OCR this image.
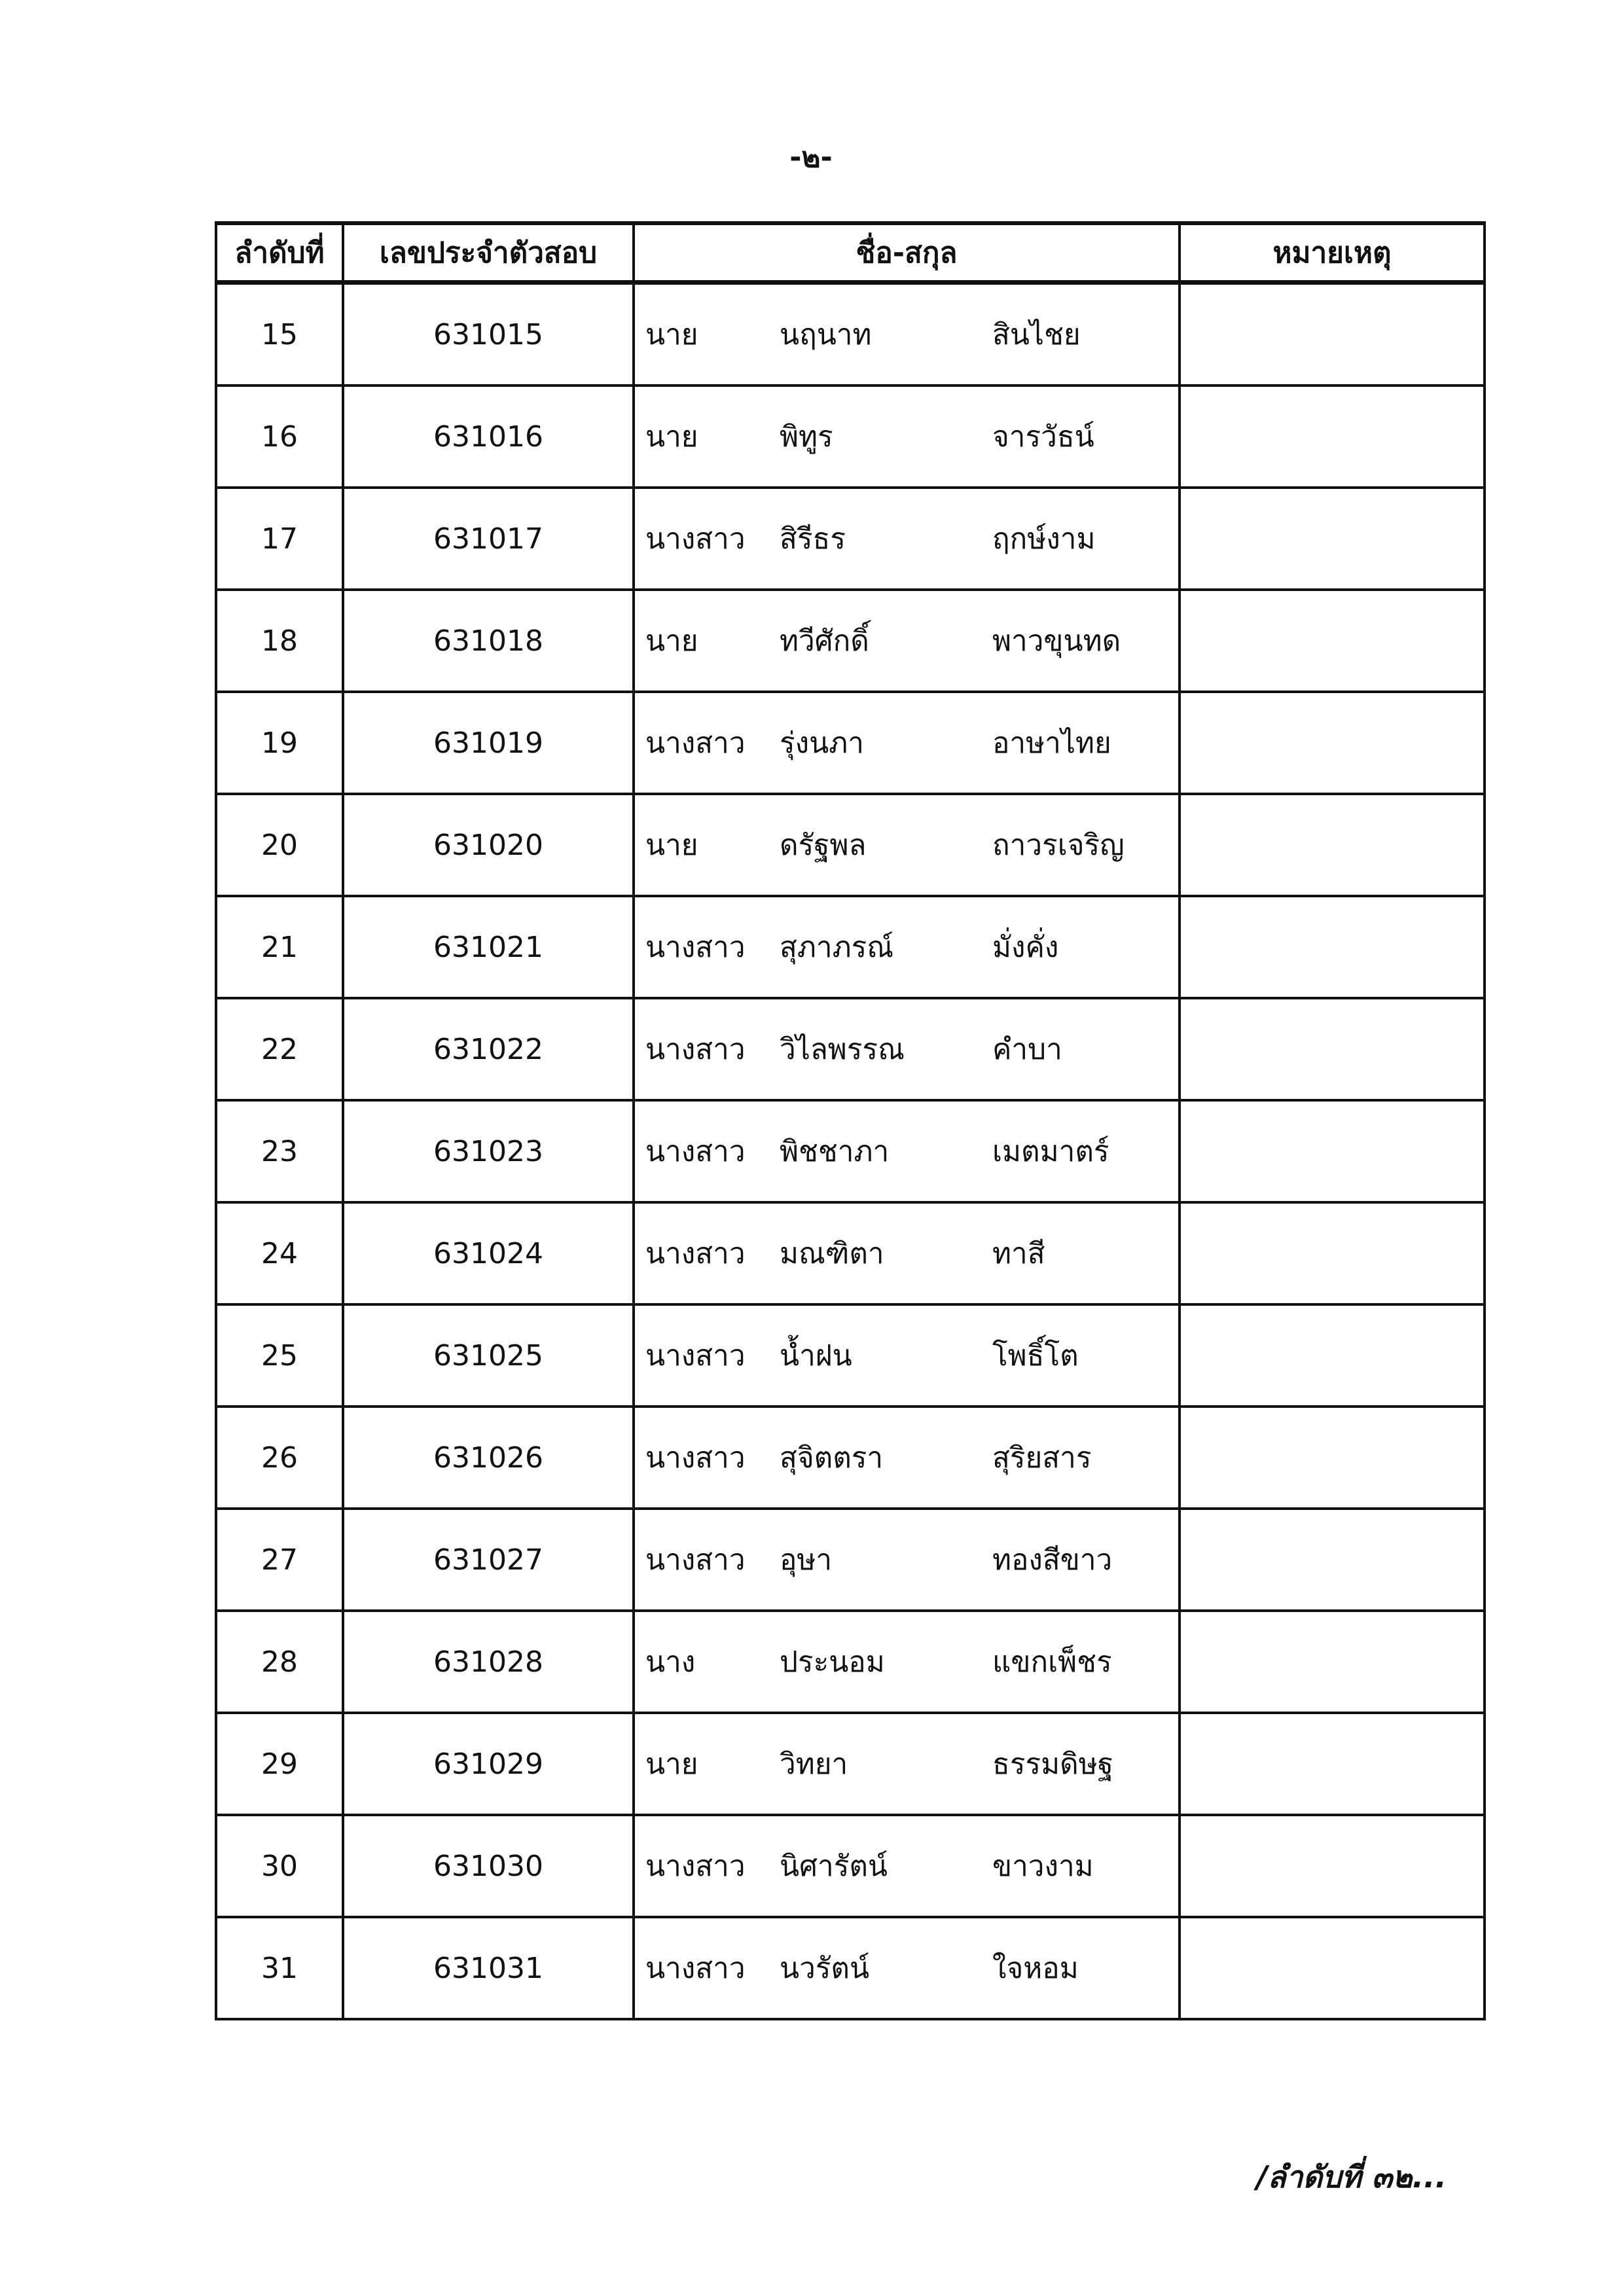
-๒-
ลำดับที่	เลขประจำตัวสอบ	ชื่อ-สกุล	หมายเหตุ
15	631015	นาย นฤนาท สินไชย	

16	631016	นาย พิทูร จารวัธน์	

17	631017	นางสาว สิรีธร ฤกษ์งาม	

18	631018	นาย ทวีศักดิ์ พาวขุนทด	

19	631019	นางสาว รุ่งนภา อาษาไทย	

20	631020	นาย ดรัฐพล ถาวรเจริญ	

21	631021	นางสาว สุภาภรณ์ มั่งคั่ง	

22	631022	นางสาว วิไลพรรณ คำบา	

23	631023	นางสาว พิชชาภา เมตมาตร์	

24	631024	นางสาว มณฑิตา ทาสี	

25	631025	นางสาว น้ำฝน โพธิ์โต	

26	631026	นางสาว สุจิตตรา สุริยสาร	

27	631027	นางสาว อุษา ทองสีขาว	

28	631028	นาง ประนอม แขกเพ็ชร	

29	631029	นาย วิทยา ธรรมดิษฐ	

30	631030	นางสาว นิศารัตน์ ขาวงาม	

31	631031	นางสาว นวรัตน์ ใจหอม	

/ลำดับที่ ๓๒...
